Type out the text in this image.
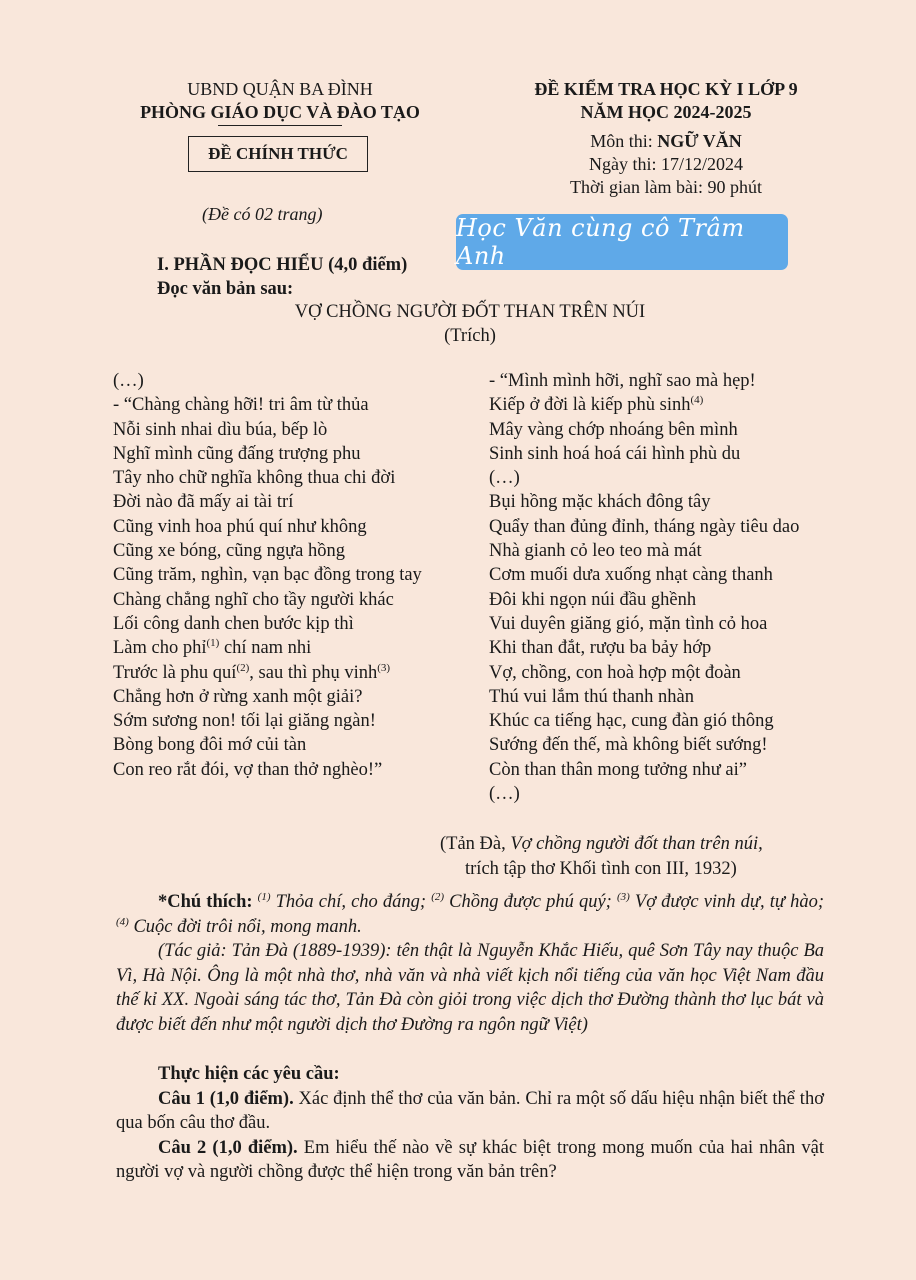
UBND QUẬN BA ĐÌNH
PHÒNG GIÁO DỤC VÀ ĐÀO TẠO
ĐỀ CHÍNH THỨC
(Đề có 02 trang)
ĐỀ KIỂM TRA HỌC KỲ I LỚP 9
NĂM HỌC 2024-2025
Môn thi: NGỮ VĂN
Ngày thi: 17/12/2024
Thời gian làm bài: 90 phút
Học Văn cùng cô Trâm Anh
I. PHẦN ĐỌC HIỂU (4,0 điểm)
Đọc văn bản sau:
VỢ CHỒNG NGƯỜI ĐỐT THAN TRÊN NÚI
(Trích)
(…)
- “Chàng chàng hỡi! tri âm từ thủa
Nỗi sinh nhai dìu búa, bếp lò
Nghĩ mình cũng đấng trượng phu
Tây nho chữ nghĩa không thua chi đời
Đời nào đã mấy ai tài trí
Cũng vinh hoa phú quí như không
Cũng xe bóng, cũng ngựa hồng
Cũng trăm, nghìn, vạn bạc đồng trong tay
Chàng chẳng nghĩ cho tầy người khác
Lối công danh chen bước kịp thì
Làm cho phỉ$^{(1)}$ chí nam nhi
Trước là phu quí$^{(2)}$, sau thì phụ vinh$^{(3)}$
Chẳng hơn ở rừng xanh một giải?
Sớm sương non! tối lại giăng ngàn!
Bòng bong đôi mớ củi tàn
Con reo rắt đói, vợ than thở nghèo!”
- “Mình mình hỡi, nghĩ sao mà hẹp!
Kiếp ở đời là kiếp phù $\sinh^{(4)}$
Mây vàng chớp nhoáng bên mình
Sinh sinh hoá hoá cái hình phù du
(…)
Bụi hồng mặc khách đông tây
Quẩy than đủng đỉnh, tháng ngày tiêu dao
Nhà gianh cỏ leo teo mà mát
Cơm muối dưa xuống nhạt càng thanh
Đôi khi ngọn núi đầu ghềnh
Vui duyên giăng gió, mặn tình cỏ hoa
Khi than đắt, rượu ba bảy hớp
Vợ, chồng, con hoà hợp một đoàn
Thú vui lắm thú thanh nhàn
Khúc ca tiếng hạc, cung đàn gió thông
Sướng đến thế, mà không biết sướng!
Còn than thân mong tưởng như ai”
(…)
(Tản Đà, Vợ chồng người đốt than trên núi,
trích tập thơ Khối tình con III, 1932)

*Chú thích: $^{(1)}$ Thỏa chí, cho đáng; $^{(2)}$ Chồng được phú quý; $^{(3)}$ Vợ được vinh dự, tự hào; $^{(4)}$ Cuộc đời trôi nổi, mong manh.

(Tác giả: Tản Đà (1889-1939): tên thật là Nguyễn Khắc Hiếu, quê Sơn Tây nay thuộc Ba Vì, Hà Nội. Ông là một nhà thơ, nhà văn và nhà viết kịch nổi tiếng của văn học Việt Nam đầu thế kỉ XX. Ngoài sáng tác thơ, Tản Đà còn giỏi trong việc dịch thơ Đường thành thơ lục bát và được biết đến như một người dịch thơ Đường ra ngôn ngữ Việt)

Thực hiện các yêu cầu:

Câu 1 (1,0 điểm). Xác định thể thơ của văn bản. Chỉ ra một số dấu hiệu nhận biết thể thơ qua bốn câu thơ đầu.

Câu 2 (1,0 điểm). Em hiểu thế nào về sự khác biệt trong mong muốn của hai nhân vật người vợ và người chồng được thể hiện trong văn bản trên?
